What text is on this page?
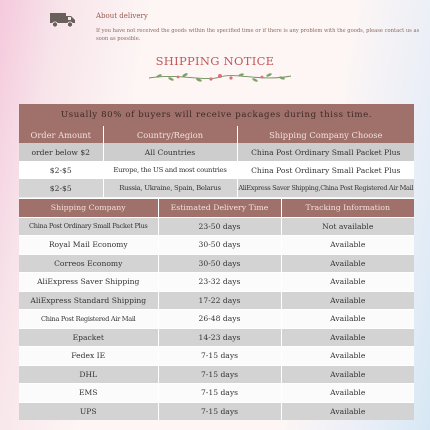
About delivery
If you have not received the goods within the specified time or if there is any problem with the goods, please contact us as soon as possible.
SHIPPING NOTICE
Usually 80% of buyers will receive packages during thiss time.		
Order Amount	Country/Region	Shipping Company Choose
order below $2	All Countries	China Post Ordinary Small Packet Plus
$2-$5	Europe, the US and most countries	China Post Ordinary Small Packet Plus
$2-$5	Russia, Ukraine, Spain, Belarus	AliExpress Saver Shipping,China Post Registered Air Mail
Shipping Company	Estimated Delivery Time	Tracking Information
China Post Ordinary Small Packet Plus	23-50 days	Not available
Royal Mail Economy	30-50 days	Available
Correos Economy	30-50 days	Available
AliExpress Saver Shipping	23-32 days	Available
AliExpress Standard Shipping	17-22 days	Available
China Post Registered Air Mail	26-48 days	Available
Epacket	14-23 days	Available
Fedex IE	7-15 days	Available
DHL	7-15 days	Available
EMS	7-15 days	Available
UPS	7-15 days	Available
